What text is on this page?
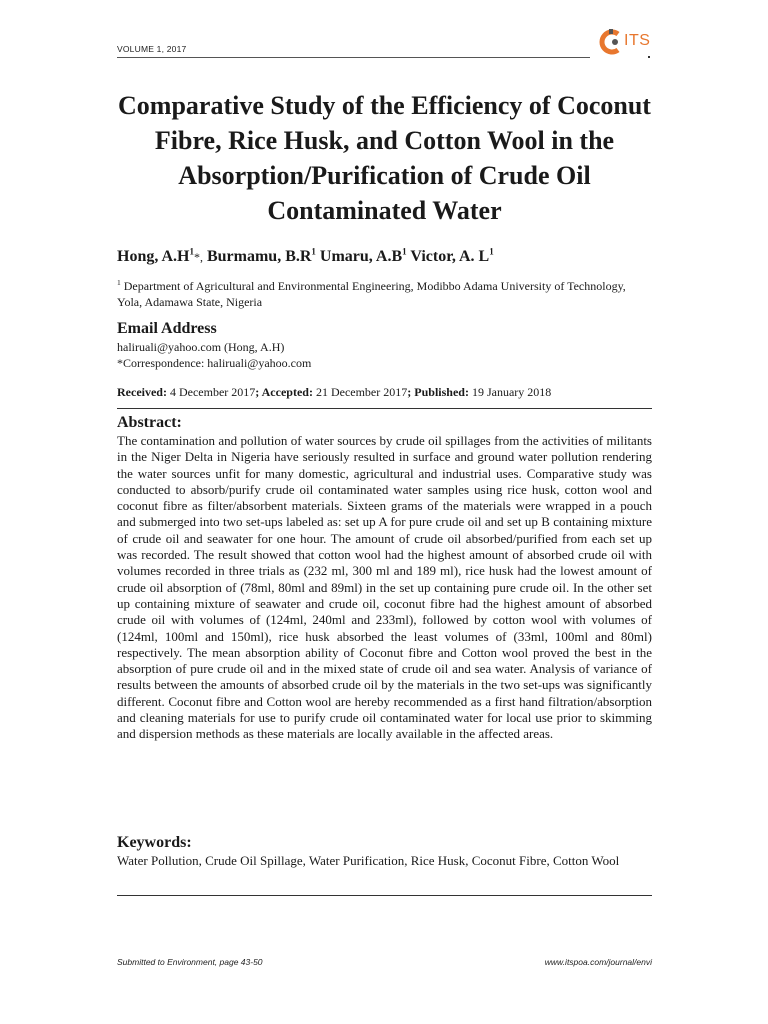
VOLUME 1, 2017	ITS
Comparative Study of the Efficiency of Coconut Fibre, Rice Husk, and Cotton Wool in the Absorption/Purification of Crude Oil Contaminated Water
Hong, $A.H^1*$, Burmamu, $B.R^1$ Umaru, $A.B^1$ Victor, A. $L^1$
$^1$ Department of Agricultural and Environmental Engineering, Modibbo Adama University of Technology, Yola, Adamawa State, Nigeria
Email Address
haliruali@yahoo.com (Hong, A.H)
*Correspondence: haliruali@yahoo.com
Received: 4 December 2017; Accepted: 21 December 2017; Published: 19 January 2018
Abstract:
The contamination and pollution of water sources by crude oil spillages from the activities of militants in the Niger Delta in Nigeria have seriously resulted in surface and ground water pollution rendering the water sources unfit for many domestic, agricultural and industrial uses. Comparative study was conducted to absorb/purify crude oil contaminated water samples using rice husk, cotton wool and coconut fibre as filter/absorbent materials. Sixteen grams of the materials were wrapped in a pouch and submerged into two set-ups labeled as: set up A for pure crude oil and set up B containing mixture of crude oil and seawater for one hour. The amount of crude oil absorbed/purified from each set up was recorded. The result showed that cotton wool had the highest amount of absorbed crude oil with volumes recorded in three trials as (232 ml, 300 ml and 189 ml), rice husk had the lowest amount of crude oil absorption of (78ml, 80ml and 89ml) in the set up containing pure crude oil. In the other set up containing mixture of seawater and crude oil, coconut fibre had the highest amount of absorbed crude oil with volumes of (124ml, 240ml and 233ml), followed by cotton wool with volumes of (124ml, 100ml and 150ml), rice husk absorbed the least volumes of (33ml, 100ml and 80ml) respectively. The mean absorption ability of Coconut fibre and Cotton wool proved the best in the absorption of pure crude oil and in the mixed state of crude oil and sea water. Analysis of variance of results between the amounts of absorbed crude oil by the materials in the two set-ups was significantly different. Coconut fibre and Cotton wool are hereby recommended as a first hand filtration/absorption and cleaning materials for use to purify crude oil contaminated water for local use prior to skimming and dispersion methods as these materials are locally available in the affected areas.
Keywords:
Water Pollution, Crude Oil Spillage, Water Purification, Rice Husk, Coconut Fibre, Cotton Wool
Submitted to Environment, page 43-50	www.itspoa.com/journal/envi
